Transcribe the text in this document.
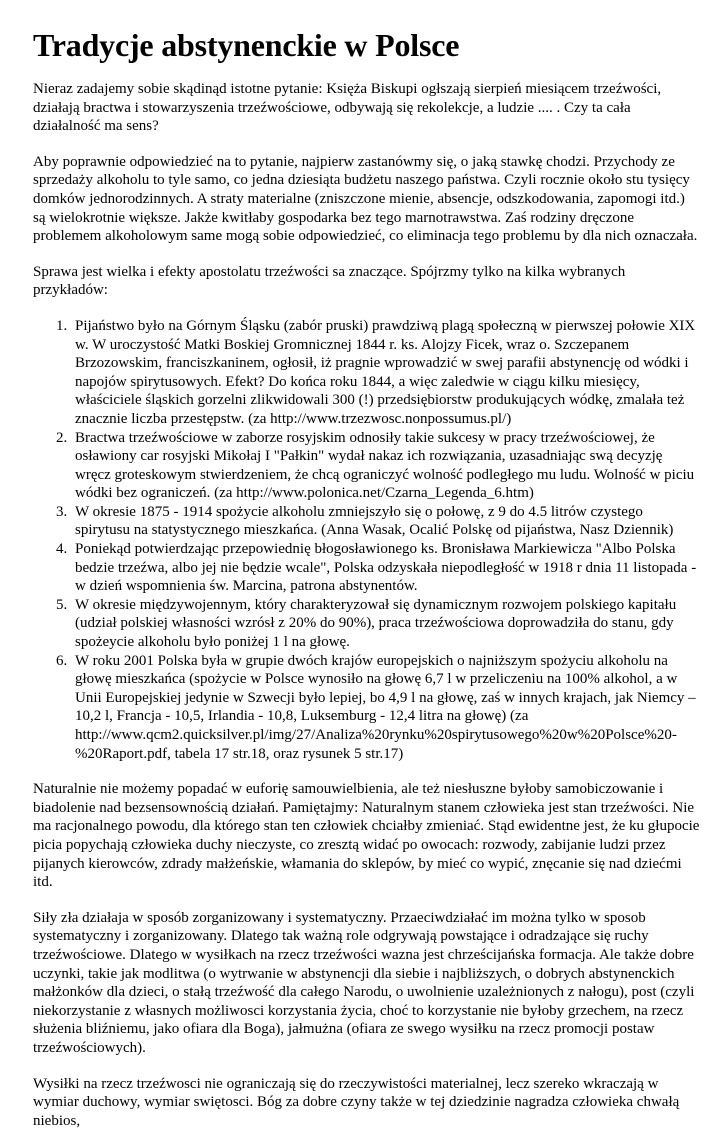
Tradycje abstynenckie w Polsce

Nieraz zadajemy sobie skądinąd istotne pytanie: Księża Biskupi ogłszają sierpień miesiącem trzeźwości, działają bractwa i stowarzyszenia trzeźwościowe, odbywają się rekolekcje, a ludzie .... . Czy ta cała działalność ma sens?

Aby poprawnie odpowiedzieć na to pytanie, najpierw zastanówmy się, o jaką stawkę chodzi. Przychody ze sprzedaży alkoholu to tyle samo, co jedna dziesiąta budżetu naszego państwa. Czyli rocznie około stu tysięcy domków jednorodzinnych. A straty materialne (zniszczone mienie, absencje, odszkodowania, zapomogi itd.) są wielokrotnie większe. Jakże kwitłaby gospodarka bez tego marnotrawstwa. Zaś rodziny dręczone problemem alkoholowym same mogą sobie odpowiedzieć, co eliminacja tego problemu by dla nich oznaczała.

Sprawa jest wielka i efekty apostolatu trzeźwości sa znaczące. Spójrzmy tylko na kilka wybranych przykładów:

1. Pijaństwo było na Górnym Śląsku (zabór pruski) prawdziwą plagą społeczną w pierwszej połowie XIX w. W uroczystość Matki Boskiej Gromnicznej 1844 r. ks. Alojzy Ficek, wraz o. Szczepanem Brzozowskim, franciszkaninem, ogłosił, iż pragnie wprowadzić w swej parafii abstynencję od wódki i napojów spirytusowych. Efekt? Do końca roku 1844, a więc zaledwie w ciągu kilku miesięcy, właściciele śląskich gorzelni zlikwidowali 300 (!) przedsiębiorstw produkujących wódkę, zmalała też znacznie liczba przestępstw. (za http://www.trzezwosc.nonpossumus.pl/)
2. Bractwa trzeźwościowe w zaborze rosyjskim odnosiły takie sukcesy w pracy trzeźwościowej, że osławiony car rosyjski Mikołaj I "Pałkin" wydał nakaz ich rozwiązania, uzasadniając swą decyzję wręcz groteskowym stwierdzeniem, że chcą ograniczyć wolność podległego mu ludu. Wolność w piciu wódki bez ograniczeń. (za http://www.polonica.net/Czarna_Legenda_6.htm)
3. W okresie 1875 - 1914 spożycie alkoholu zmniejszyło się o połowę, z 9 do 4.5 litrów czystego spirytusu na statystycznego mieszkańca. (Anna Wasak, Ocalić Polskę od pijaństwa, Nasz Dziennik)
4. Poniekąd potwierdzając przepowiednię błogosławionego ks. Bronisława Markiewicza "Albo Polska bedzie trzeźwa, albo jej nie będzie wcale", Polska odzyskała niepodległość w 1918 r dnia 11 listopada - w dzień wspomnienia św. Marcina, patrona abstynentów.
5. W okresie międzywojennym, który charakteryzował się dynamicznym rozwojem polskiego kapitału (udział polskiej własności wzrósł z 20% do 90%), praca trzeźwościowa doprowadziła do stanu, gdy spożeycie alkoholu było poniżej 1 l na głowę.
6. W roku 2001 Polska była w grupie dwóch krajów europejskich o najniższym spożyciu alkoholu na głowę mieszkańca (spożycie w Polsce wynosiło na głowę 6,7 l w przeliczeniu na 100% alkohol, a w Unii Europejskiej jedynie w Szwecji było lepiej, bo 4,9 l na głowę, zaś w innych krajach, jak Niemcy – 10,2 l, Francja - 10,5, Irlandia - 10,8, Luksemburg - 12,4 litra na głowę) (za http://www.qcm2.quicksilver.pl/img/27/Analiza%20rynku%20spirytusowego%20w%20Polsce%20-%20Raport.pdf, tabela 17 str.18, oraz rysunek 5 str.17)

Naturalnie nie możemy popadać w euforię samouwielbienia, ale też niesłuszne byłoby samobiczowanie i biadolenie nad bezsensownością działań. Pamiętajmy: Naturalnym stanem człowieka jest stan trzeźwości. Nie ma racjonalnego powodu, dla którego stan ten człowiek chciałby zmieniać. Stąd ewidentne jest, że ku głupocie picia popychają człowieka duchy nieczyste, co zresztą widać po owocach: rozwody, zabijanie ludzi przez pijanych kierowców, zdrady małżeńskie, włamania do sklepów, by mieć co wypić, znęcanie się nad dziećmi itd.

Siły zła działaja w sposób zorganizowany i systematyczny. Przaeciwdziałać im można tylko w sposob systematyczny i zorganizowany. Dlatego tak ważną role odgrywają powstające i odradzające się ruchy trzeźwościowe. Dlatego w wysiłkach na rzecz trzeźwości wazna jest chrześcijańska formacja. Ale także dobre uczynki, takie jak modlitwa (o wytrwanie w abstynencji dla siebie i najbliższych, o dobrych abstynenckich małżonków dla dzieci, o stałą trzeźwość dla całego Narodu, o uwolnienie uzależnionych z nałogu), post (czyli niekorzystanie z własnych możliwosci korzystania życia, choć to korzystanie nie byłoby grzechem, na rzecz służenia bliźniemu, jako ofiara dla Boga), jałmużna (ofiara ze swego wysiłku na rzecz promocji postaw trzeźwościowych).

Wysiłki na rzecz trzeźwosci nie ograniczają się do rzeczywistości materialnej, lecz szereko wkraczają w wymiar duchowy, wymiar swiętosci. Bóg za dobre czyny także w tej dziedzinie nagradza człowieka chwałą niebios,
